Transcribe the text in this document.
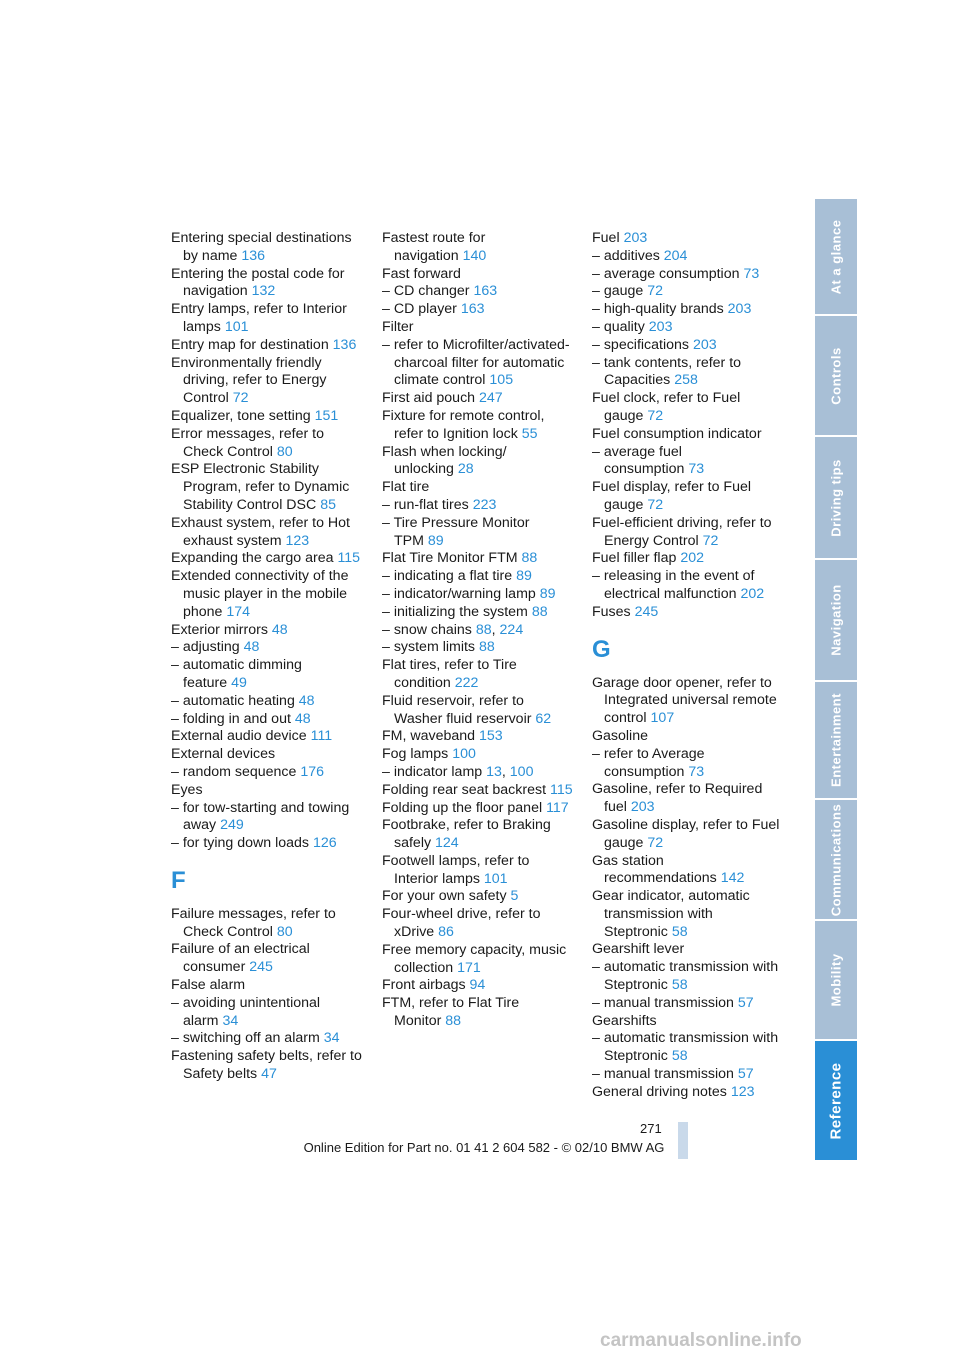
At a glance
Controls
Driving tips
Navigation
Entertainment
Communications
Mobility
Reference
Entering special destinations by name 136
Entering the postal code for navigation 132
Entry lamps, refer to Interior lamps 101
Entry map for destination 136
Environmentally friendly driving, refer to Energy Control 72
Equalizer, tone setting 151
Error messages, refer to Check Control 80
ESP Electronic Stability Program, refer to Dynamic Stability Control DSC 85
Exhaust system, refer to Hot exhaust system 123
Expanding the cargo area 115
Extended connectivity of the music player in the mobile phone 174
Exterior mirrors 48
– adjusting 48
– automatic dimming feature 49
– automatic heating 48
– folding in and out 48
External audio device 111
External devices
– random sequence 176
Eyes
– for tow-starting and towing away 249
– for tying down loads 126
F
Failure messages, refer to Check Control 80
Failure of an electrical consumer 245
False alarm
– avoiding unintentional alarm 34
– switching off an alarm 34
Fastening safety belts, refer to Safety belts 47
Fastest route for navigation 140
Fast forward
– CD changer 163
– CD player 163
Filter
– refer to Microfilter/activated-charcoal filter for automatic climate control 105
First aid pouch 247
Fixture for remote control, refer to Ignition lock 55
Flash when locking/ unlocking 28
Flat tire
– run-flat tires 223
– Tire Pressure Monitor TPM 89
Flat Tire Monitor FTM 88
– indicating a flat tire 89
– indicator/warning lamp 89
– initializing the system 88
– snow chains 88, 224
– system limits 88
Flat tires, refer to Tire condition 222
Fluid reservoir, refer to Washer fluid reservoir 62
FM, waveband 153
Fog lamps 100
– indicator lamp 13, 100
Folding rear seat backrest 115
Folding up the floor panel 117
Footbrake, refer to Braking safely 124
Footwell lamps, refer to Interior lamps 101
For your own safety 5
Four-wheel drive, refer to xDrive 86
Free memory capacity, music collection 171
Front airbags 94
FTM, refer to Flat Tire Monitor 88
Fuel 203
– additives 204
– average consumption 73
– gauge 72
– high-quality brands 203
– quality 203
– specifications 203
– tank contents, refer to Capacities 258
Fuel clock, refer to Fuel gauge 72
Fuel consumption indicator
– average fuel consumption 73
Fuel display, refer to Fuel gauge 72
Fuel-efficient driving, refer to Energy Control 72
Fuel filler flap 202
– releasing in the event of electrical malfunction 202
Fuses 245
G
Garage door opener, refer to Integrated universal remote control 107
Gasoline
– refer to Average consumption 73
Gasoline, refer to Required fuel 203
Gasoline display, refer to Fuel gauge 72
Gas station recommendations 142
Gear indicator, automatic transmission with Steptronic 58
Gearshift lever
– automatic transmission with Steptronic 58
– manual transmission 57
Gearshifts
– automatic transmission with Steptronic 58
– manual transmission 57
General driving notes 123
271
Online Edition for Part no. 01 41 2 604 582 - © 02/10 BMW AG
carmanualsonline.info
